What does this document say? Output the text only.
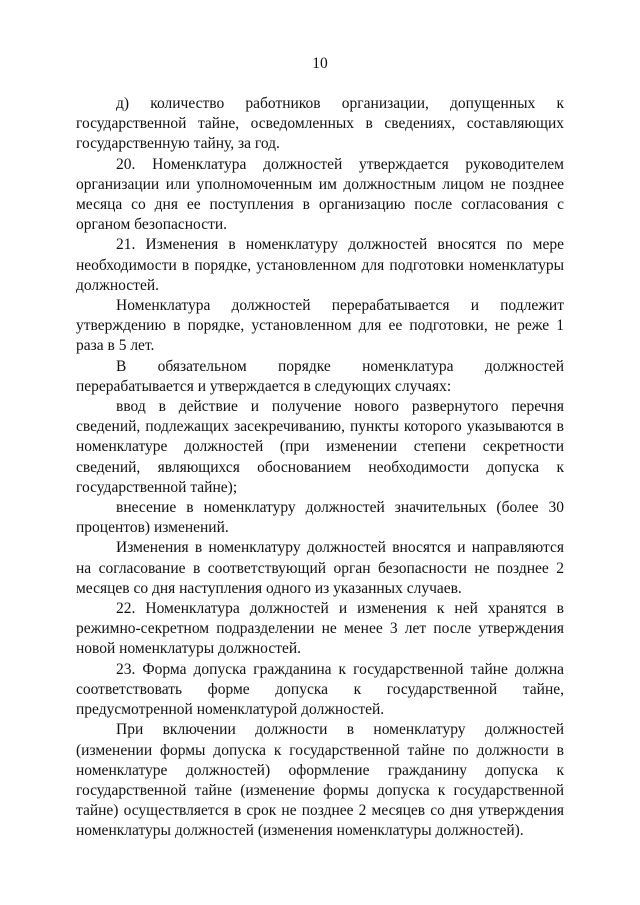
10

д) количество работников организации, допущенных к государственной тайне, осведомленных в сведениях, составляющих государственную тайну, за год.

20. Номенклатура должностей утверждается руководителем организации или уполномоченным им должностным лицом не позднее месяца со дня ее поступления в организацию после согласования с органом безопасности.

21. Изменения в номенклатуру должностей вносятся по мере необходимости в порядке, установленном для подготовки номенклатуры должностей.

Номенклатура должностей перерабатывается и подлежит утверждению в порядке, установленном для ее подготовки, не реже 1 раза в 5 лет.

В обязательном порядке номенклатура должностей перерабатывается и утверждается в следующих случаях:

ввод в действие и получение нового развернутого перечня сведений, подлежащих засекречиванию, пункты которого указываются в номенклатуре должностей (при изменении степени секретности сведений, являющихся обоснованием необходимости допуска к государственной тайне);

внесение в номенклатуру должностей значительных (более 30 процентов) изменений.

Изменения в номенклатуру должностей вносятся и направляются на согласование в соответствующий орган безопасности не позднее 2 месяцев со дня наступления одного из указанных случаев.

22. Номенклатура должностей и изменения к ней хранятся в режимно-секретном подразделении не менее 3 лет после утверждения новой номенклатуры должностей.

23. Форма допуска гражданина к государственной тайне должна соответствовать форме допуска к государственной тайне, предусмотренной номенклатурой должностей.

При включении должности в номенклатуру должностей (изменении формы допуска к государственной тайне по должности в номенклатуре должностей) оформление гражданину допуска к государственной тайне (изменение формы допуска к государственной тайне) осуществляется в срок не позднее 2 месяцев со дня утверждения номенклатуры должностей (изменения номенклатуры должностей).
